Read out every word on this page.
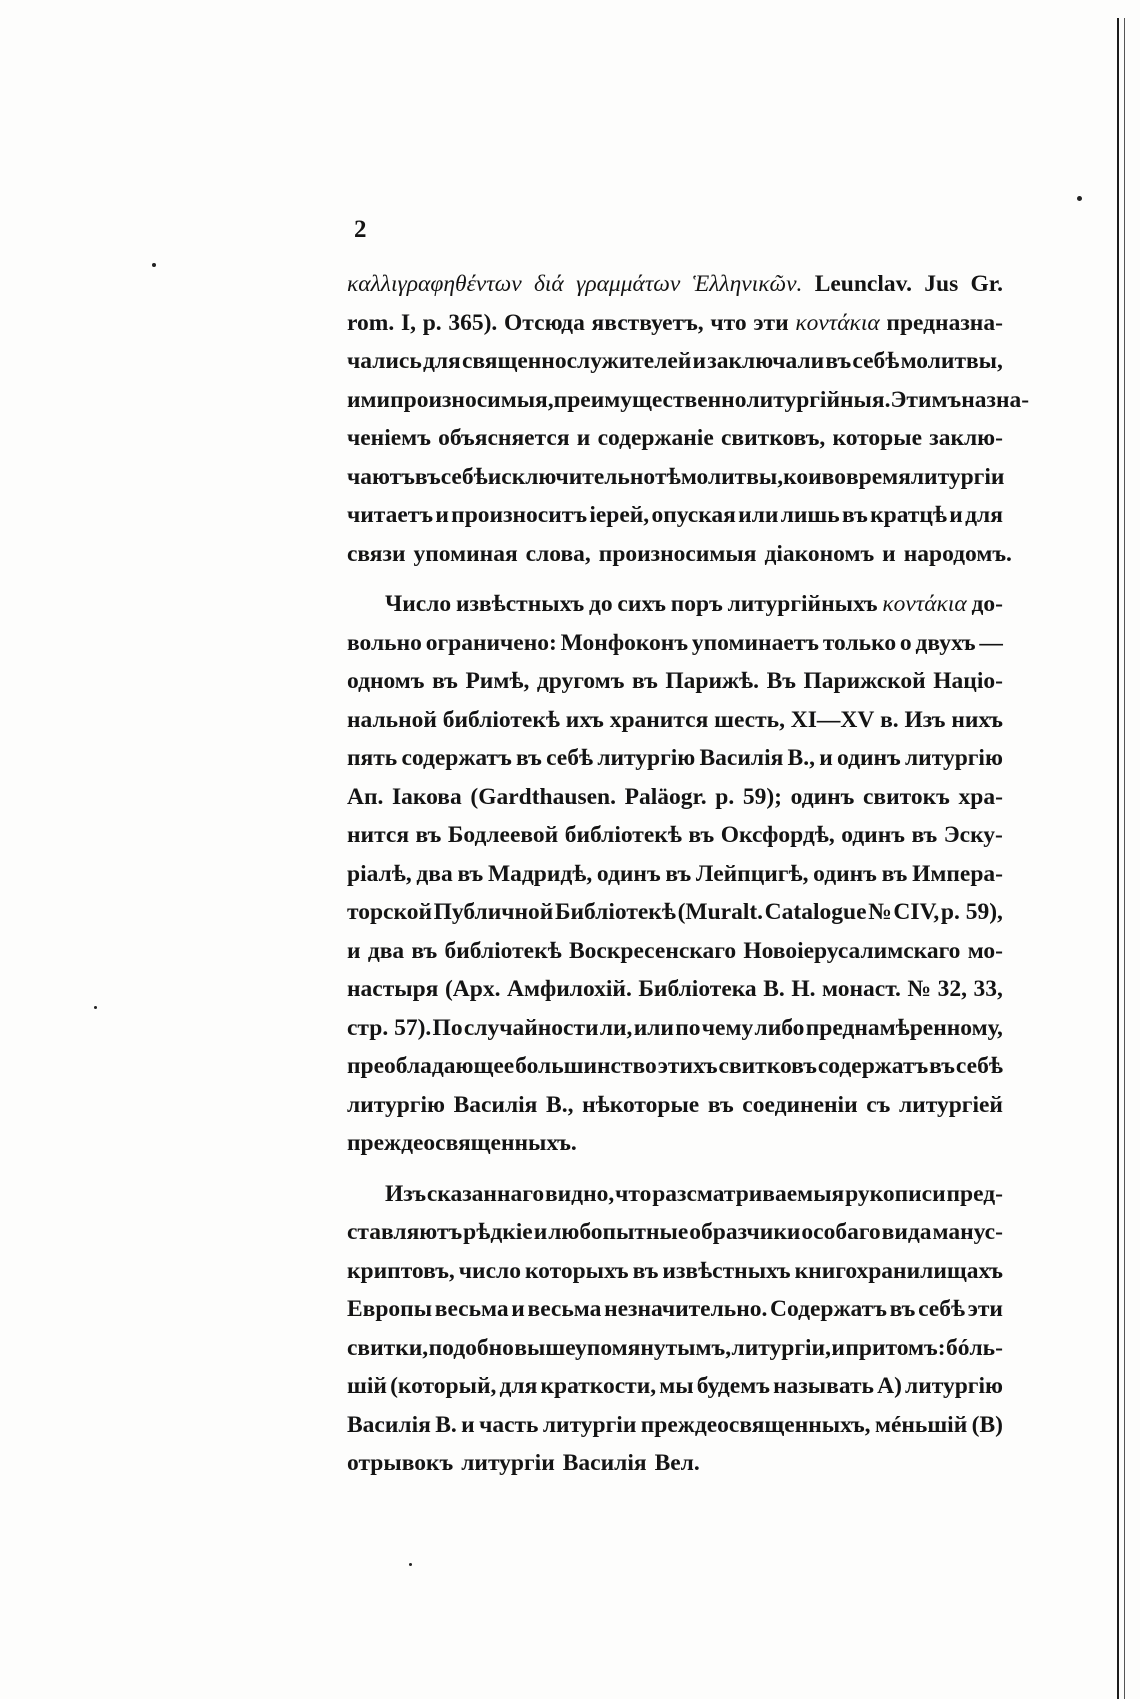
2
καλλιγραφηθέντων διά γραμμάτων Ἑλληνικῶν. Leunclav. Jus Gr.
rom. I, p. 365). Отсюда явствуетъ, что эти κοντάκια предназна-
чались для священнослужителей и заключали въ себѣ молитвы,
ими произносимыя, преимущественно литургійныя. Этимъ назна-
ченіемъ объясняется и содержаніе свитковъ, которые заклю-
чаютъ въ себѣ исключительно тѣ молитвы, кои во время литургіи
читаетъ и произноситъ іерей, опуская или лишь въ кратцѣ и для
связи упоминая слова, произносимыя діакономъ и народомъ.
Число извѣстныхъ до сихъ поръ литургійныхъ κοντάκια до-
вольно ограничено: Монфоконъ упоминаетъ только о двухъ —
одномъ въ Римѣ, другомъ въ Парижѣ. Въ Парижской Націо-
нальной библіотекѣ ихъ хранится шесть, XI—XV в. Изъ нихъ
пять содержатъ въ себѣ литургію Василія В., и одинъ литургію
Ап. Іакова (Gardthausen. Paläogr. p. 59); одинъ свитокъ хра-
нится въ Бодлеевой библіотекѣ въ Оксфордѣ, одинъ въ Эску-
ріалѣ, два въ Мадридѣ, одинъ въ Лейпцигѣ, одинъ въ Импера-
торской Публичной Библіотекѣ (Muralt. Catalogue № CIV, p. 59),
и два въ библіотекѣ Воскресенскаго Новоіерусалимскаго мо-
настыря (Арх. Амфилохій. Библіотека В. Н. монаст. № 32, 33,
стр. 57). По случайности ли, или по чему либо преднамѣренному,
преобладающее большинство этихъ свитковъ содержатъ въ себѣ
литургію Василія В., нѣкоторые въ соединеніи съ литургіей
преждеосвященныхъ.
Изъ сказаннаго видно, что разсматриваемыя рукописи пред-
ставляютъ рѣдкіе и любопытные образчики особаго вида манус-
криптовъ, число которыхъ въ извѣстныхъ книгохранилищахъ
Европы весьма и весьма незначительно. Содержатъ въ себѣ эти
свитки, подобно вышеупомянутымъ, литургіи, и притомъ: бóль-
шій (который, для краткости, мы будемъ называть А) литургію
Василія В. и часть литургіи преждеосвященныхъ, мéньшій (В)
отрывокъ литургіи Василія Вел.
